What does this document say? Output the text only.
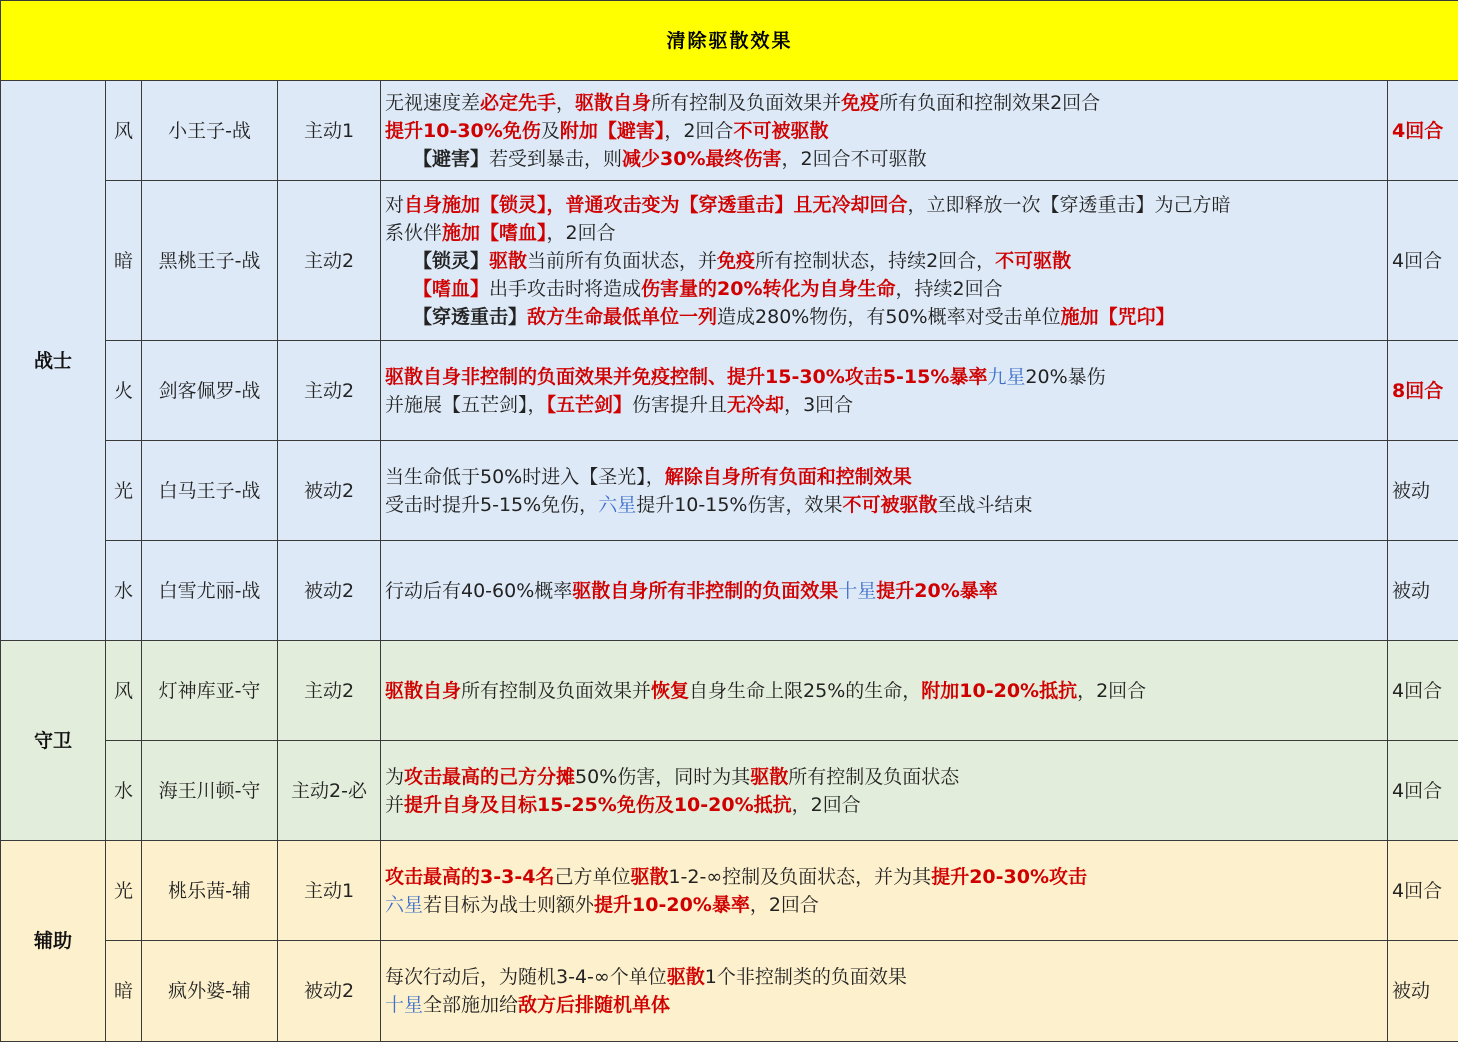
清除驱散效果					
战士	风	小王子-战	主动1	无视速度差必定先手，驱散自身所有控制及负面效果并免疫所有负面和控制效果2回合
提升10-30%免伤及附加【避害】，2回合不可被驱散
【避害】若受到暴击，则减少30%最终伤害，2回合不可驱散	4回合
	暗	黑桃王子-战	主动2	对自身施加【锁灵】，普通攻击变为【穿透重击】且无冷却回合，立即释放一次【穿透重击】为己方暗
系伙伴施加【嗜血】，2回合
【锁灵】驱散当前所有负面状态，并免疫所有控制状态，持续2回合，不可驱散
【嗜血】出手攻击时将造成伤害量的20%转化为自身生命，持续2回合
【穿透重击】敌方生命最低单位一列造成280%物伤，有50%概率对受击单位施加【咒印】	4回合
	火	剑客佩罗-战	主动2	驱散自身非控制的负面效果并免疫控制、提升15-30%攻击5-15%暴率九星20%暴伤
并施展【五芒剑】，【五芒剑】伤害提升且无冷却，3回合	8回合
	光	白马王子-战	被动2	当生命低于50%时进入【圣光】，解除自身所有负面和控制效果
受击时提升5-15%免伤，六星提升10-15%伤害，效果不可被驱散至战斗结束	被动
	水	白雪尤丽-战	被动2	行动后有40-60%概率驱散自身所有非控制的负面效果十星提升20%暴率	被动
守卫	风	灯神库亚-守	主动2	驱散自身所有控制及负面效果并恢复自身生命上限25%的生命，附加10-20%抵抗，2回合	4回合
	水	海王川顿-守	主动2-必	为攻击最高的己方分摊50%伤害，同时为其驱散所有控制及负面状态
并提升自身及目标15-25%免伤及10-20%抵抗，2回合	4回合
辅助	光	桃乐茜-辅	主动1	攻击最高的3-3-4名己方单位驱散1-2-∞控制及负面状态，并为其提升20-30%攻击
六星若目标为战士则额外提升10-20%暴率，2回合	4回合
	暗	疯外婆-辅	被动2	每次行动后，为随机3-4-∞个单位驱散1个非控制类的负面效果
十星全部施加给敌方后排随机单体	被动
